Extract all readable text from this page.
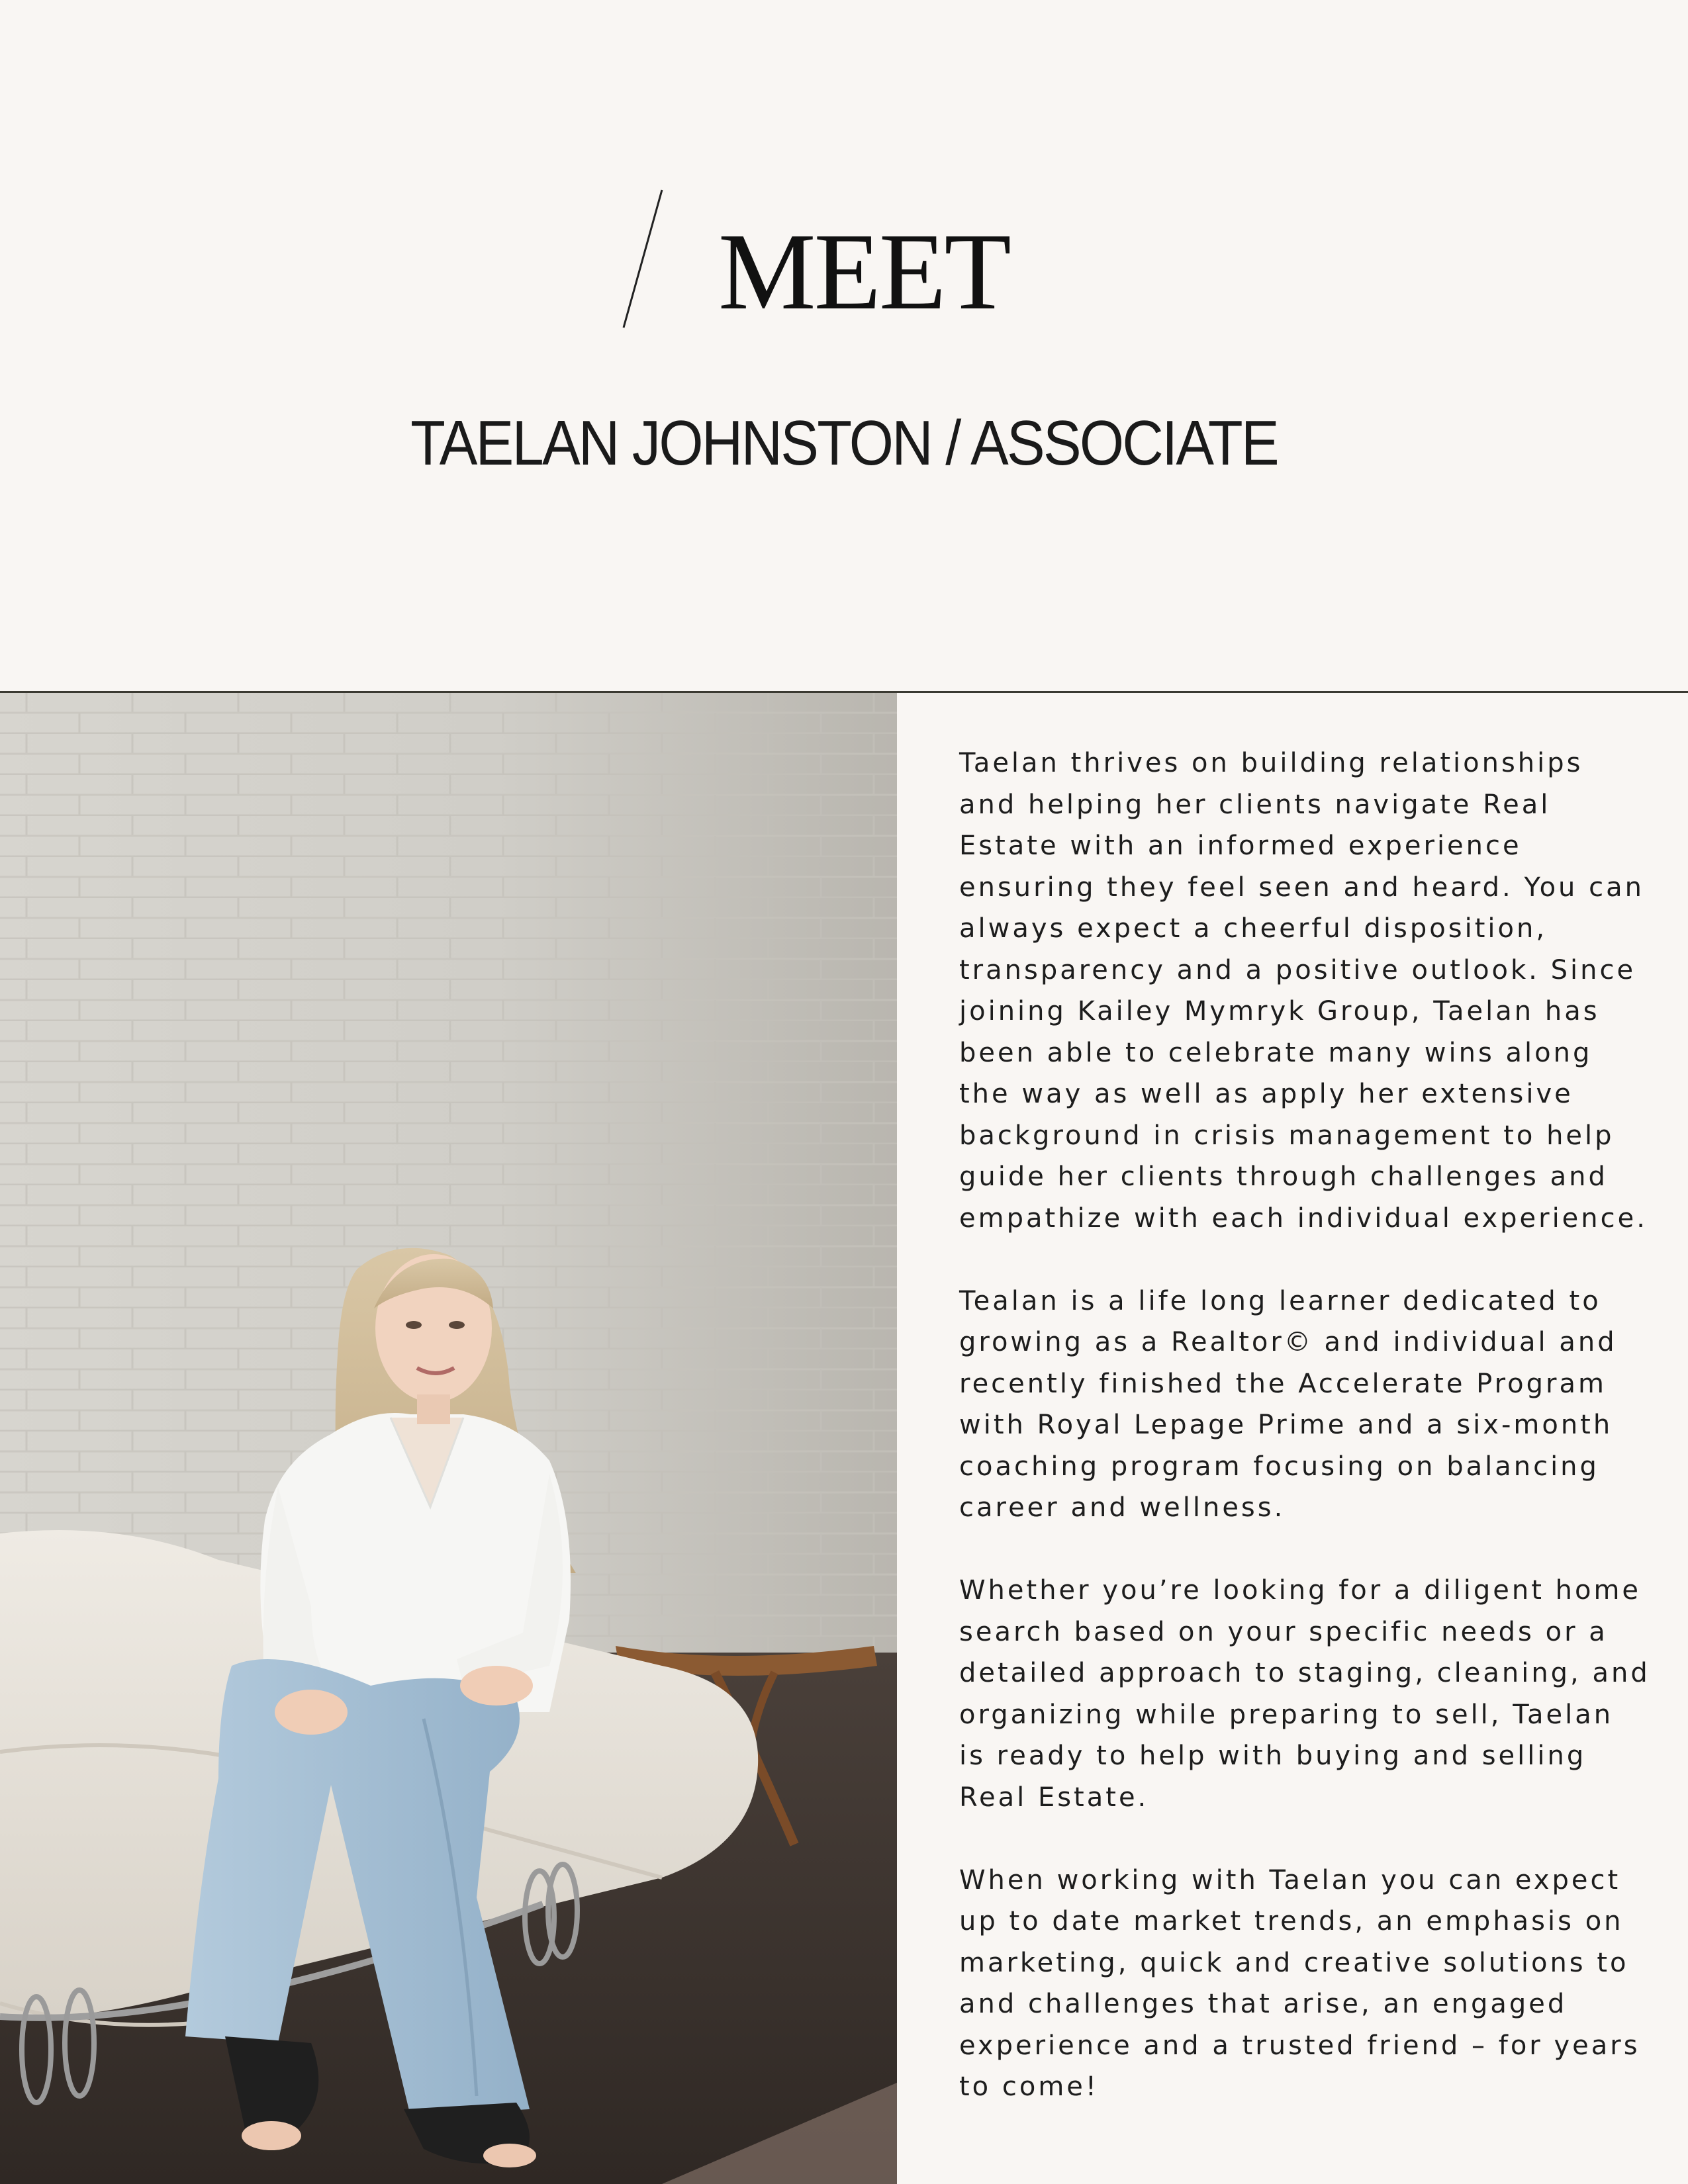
MEET
TAELAN JOHNSTON / ASSOCIATE
Taelan thrives on building relationships
and helping her clients navigate Real
Estate with an informed experience
ensuring they feel seen and heard. You can
always expect a cheerful disposition,
transparency and a positive outlook. Since
joining Kailey Mymryk Group, Taelan has
been able to celebrate many wins along
the way as well as apply her extensive
background in crisis management to help
guide her clients through challenges and
empathize with each individual experience.
Tealan is a life long learner dedicated to
growing as a Realtor© and individual and
recently finished the Accelerate Program
with Royal Lepage Prime and a six-month
coaching program focusing on balancing
career and wellness.
Whether you’re looking for a diligent home
search based on your specific needs or a
detailed approach to staging, cleaning, and
organizing while preparing to sell, Taelan
is ready to help with buying and selling
Real Estate.
When working with Taelan you can expect
up to date market trends, an emphasis on
marketing, quick and creative solutions to
and challenges that arise, an engaged
experience and a trusted friend – for years
to come!
